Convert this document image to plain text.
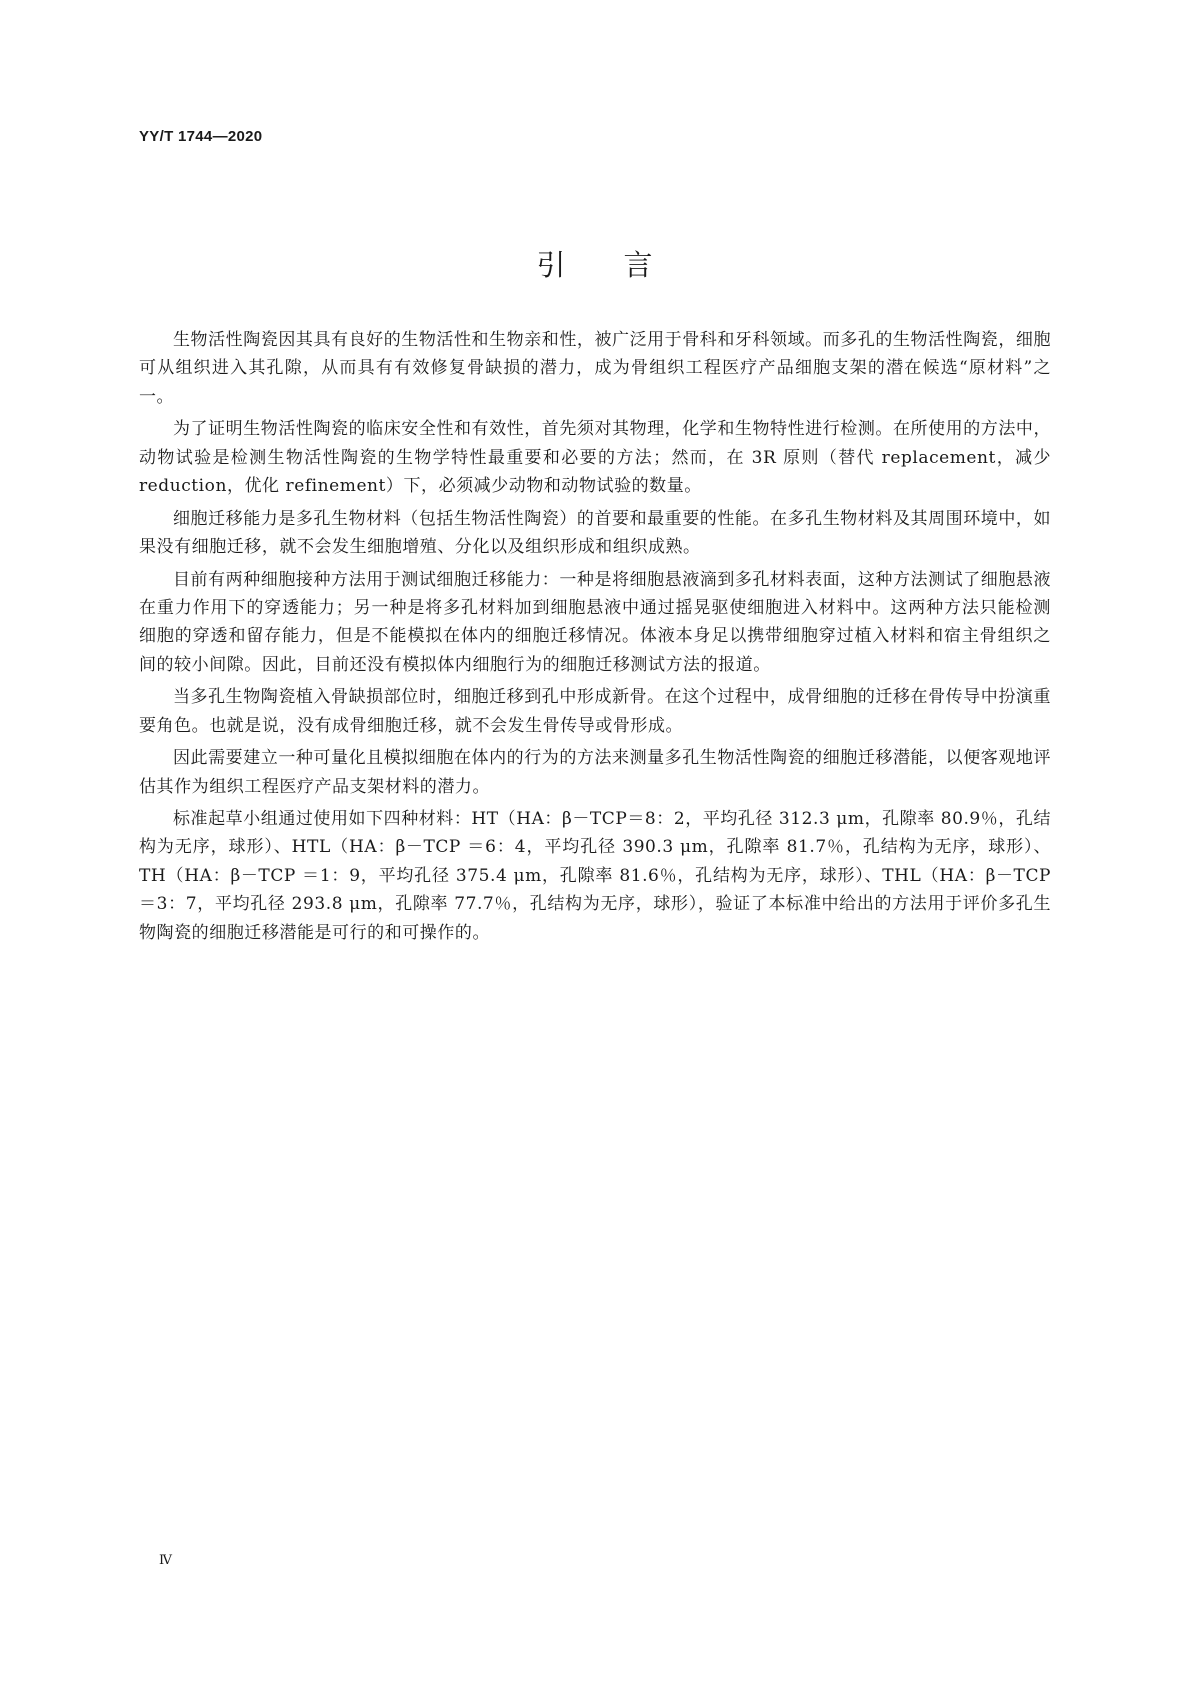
YY/T 1744—2020
引 言

生物活性陶瓷因其具有良好的生物活性和生物亲和性，被广泛用于骨科和牙科领域。而多孔的生物活性陶瓷，细胞可从组织进入其孔隙，从而具有有效修复骨缺损的潜力，成为骨组织工程医疗产品细胞支架的潜在候选“原材料”之一。

为了证明生物活性陶瓷的临床安全性和有效性，首先须对其物理，化学和生物特性进行检测。在所使用的方法中，动物试验是检测生物活性陶瓷的生物学特性最重要和必要的方法；然而，在 3R 原则（替代 replacement，减少 reduction，优化 refinement）下，必须减少动物和动物试验的数量。

细胞迁移能力是多孔生物材料（包括生物活性陶瓷）的首要和最重要的性能。在多孔生物材料及其周围环境中，如果没有细胞迁移，就不会发生细胞增殖、分化以及组织形成和组织成熟。

目前有两种细胞接种方法用于测试细胞迁移能力：一种是将细胞悬液滴到多孔材料表面，这种方法测试了细胞悬液在重力作用下的穿透能力；另一种是将多孔材料加到细胞悬液中通过摇晃驱使细胞进入材料中。这两种方法只能检测细胞的穿透和留存能力，但是不能模拟在体内的细胞迁移情况。体液本身足以携带细胞穿过植入材料和宿主骨组织之间的较小间隙。因此，目前还没有模拟体内细胞行为的细胞迁移测试方法的报道。

当多孔生物陶瓷植入骨缺损部位时，细胞迁移到孔中形成新骨。在这个过程中，成骨细胞的迁移在骨传导中扮演重要角色。也就是说，没有成骨细胞迁移，就不会发生骨传导或骨形成。

因此需要建立一种可量化且模拟细胞在体内的行为的方法来测量多孔生物活性陶瓷的细胞迁移潜能，以便客观地评估其作为组织工程医疗产品支架材料的潜力。

标准起草小组通过使用如下四种材料：HT（HA：β－TCP＝8：2，平均孔径 312.3 μm，孔隙率 80.9％，孔结构为无序，球形）、HTL（HA：β－TCP ＝6：4，平均孔径 390.3 μm，孔隙率 81.7％，孔结构为无序，球形）、TH（HA：β－TCP ＝1：9，平均孔径 375.4 μm，孔隙率 81.6％，孔结构为无序，球形）、THL（HA：β－TCP ＝3：7，平均孔径 293.8 μm，孔隙率 77.7％，孔结构为无序，球形），验证了本标准中给出的方法用于评价多孔生物陶瓷的细胞迁移潜能是可行的和可操作的。

Ⅳ
